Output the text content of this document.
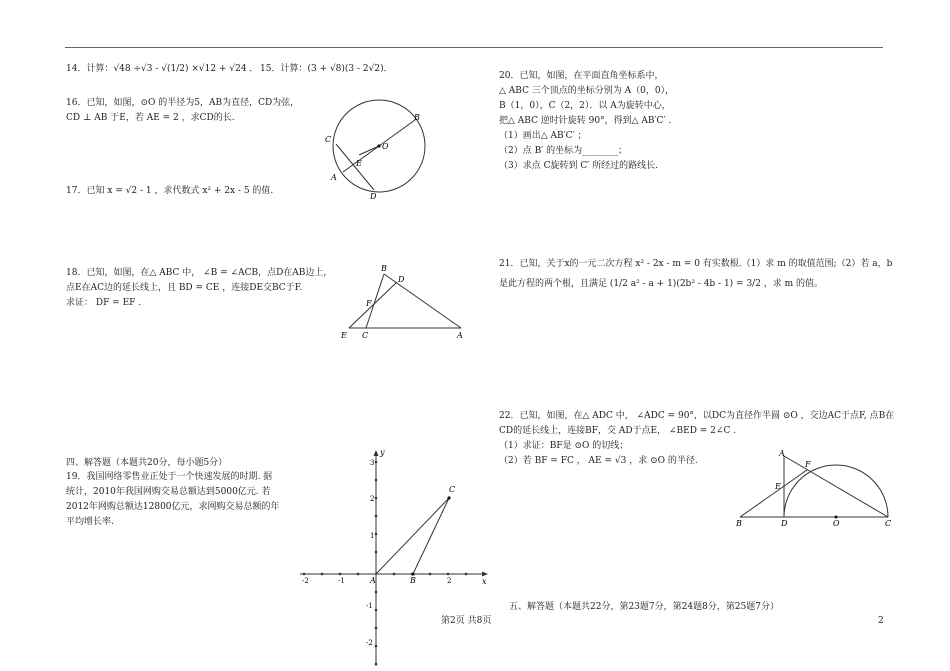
14．计算：√48 ÷√3 - √(1/2) ×√12 + √24 ． 15．计算：(3 + √8)(3 - 2√2)．
16．已知，如图，⊙O 的半径为5，AB为直径，CD为弦，
CD ⊥ AB 于E，若 AE = 2 ，求CD的长.
17．已知 x = √2 - 1 ，求代数式 x² + 2x - 5 的值.
18．已知，如图，在△ ABC 中， ∠B = ∠ACB，点D在AB边上，
点E在AC边的延长线上，且 BD = CE ，连接DE交BC于F.
求证： DF = EF .
四、解答题（本题共20分，每小题5分）
19．我国网络零售业正处于一个快速发展的时期. 据
统计，2010年我国网购交易总额达到5000亿元. 若
2012年网购总额达12800亿元，求网购交易总额的年
平均增长率.
20．已知，如图，在平面直角坐标系中，
△ ABC 三个顶点的坐标分别为 A（0，0），
B（1，0），C（2，2）．以 A为旋转中心，
把△ ABC 逆时针旋转 90°，得到△ AB′C′ .
（1）画出△ AB′C′ ；
（2）点 B′ 的坐标为________；
（3）求点 C旋转到 C′ 所经过的路线长.
21．已知，关于x的一元二次方程 x² - 2x - m = 0 有实数根.（1）求 m 的取值范围;（2）若 a，b
是此方程的两个根，且满足 (1/2 a² - a + 1)(2b² - 4b - 1) = 3/2 ，求 m 的值。
22．已知，如图，在△ ADC 中， ∠ADC = 90°，以DC为直径作半圆 ⊙O ，交边AC于点F, 点B在
CD的延长线上，连接BF，交 AD于点E， ∠BED = 2∠C .
（1）求证：BF是 ⊙O 的切线；
（2）若 BF = FC ， AE = √3 ，求 ⊙O 的半径.
五、解答题（本题共22分，第23题7分，第24题8分，第25题7分）
第2页 共8页	2
C
O
B
E
A
D
B
D
F
E C	A
y
x
3
2
1
-1
-2
-2	-1	2
A	B
C
A
F
E
B	D	O	C
